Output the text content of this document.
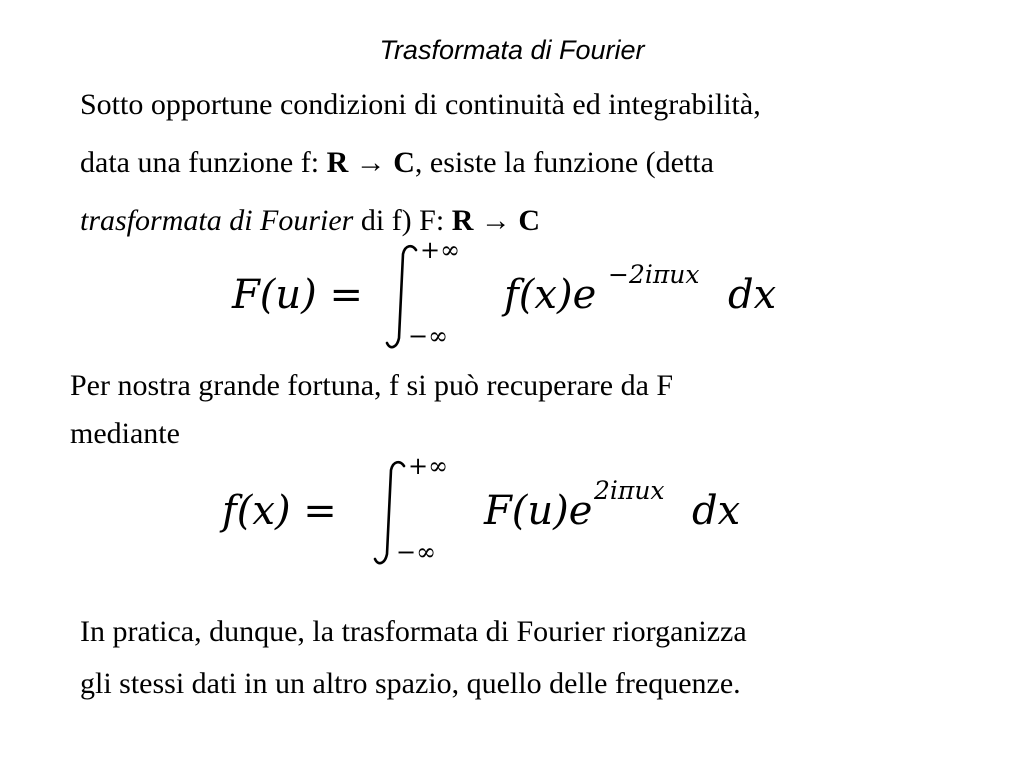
Trasformata di Fourier
Sotto opportune condizioni di continuità ed integrabilità,
data una funzione f: R → C, esiste la funzione (detta
trasformata di Fourier di f) F: R → C
F(u) =
+∞
−∞
f(x)e −2iπux dx
Per nostra grande fortuna, f si può recuperare da F
mediante
f(x) =
+∞
−∞
F(u)e 2iπux dx
In pratica, dunque, la trasformata di Fourier riorganizza
gli stessi dati in un altro spazio, quello delle frequenze.
